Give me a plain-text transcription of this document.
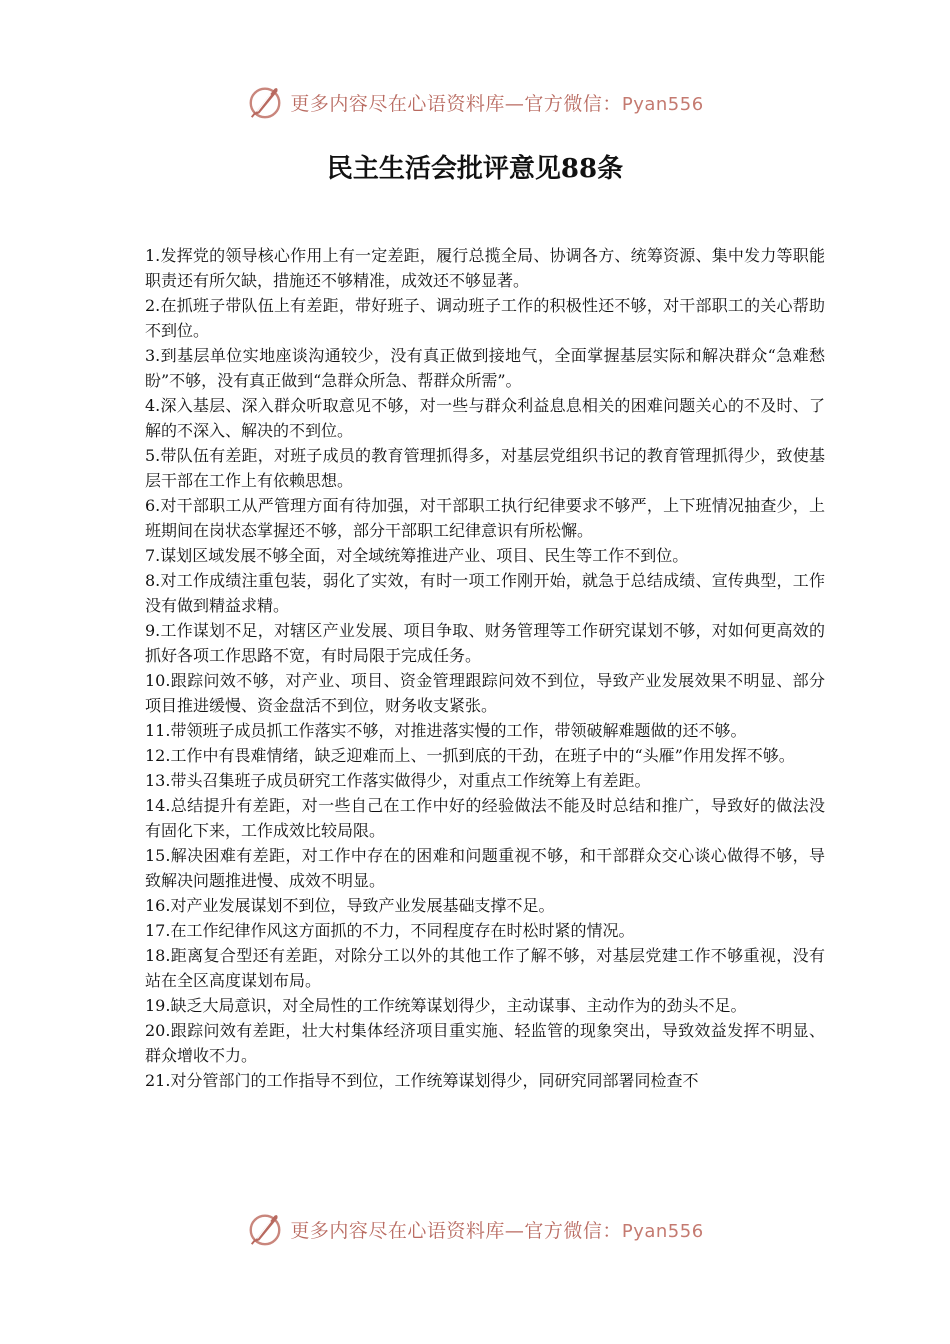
更多内容尽在心语资料库—官方微信：Pyan556
民主生活会批评意见88条

1.发挥党的领导核心作用上有一定差距，履行总揽全局、协调各方、统筹资源、集中发力等职能职责还有所欠缺，措施还不够精准，成效还不够显著。

2.在抓班子带队伍上有差距，带好班子、调动班子工作的积极性还不够，对干部职工的关心帮助不到位。

3.到基层单位实地座谈沟通较少，没有真正做到接地气，全面掌握基层实际和解决群众“急难愁盼”不够，没有真正做到“急群众所急、帮群众所需”。

4.深入基层、深入群众听取意见不够，对一些与群众利益息息相关的困难问题关心的不及时、了解的不深入、解决的不到位。

5.带队伍有差距，对班子成员的教育管理抓得多，对基层党组织书记的教育管理抓得少，致使基层干部在工作上有依赖思想。

6.对干部职工从严管理方面有待加强，对干部职工执行纪律要求不够严，上下班情况抽查少，上班期间在岗状态掌握还不够，部分干部职工纪律意识有所松懈。

7.谋划区域发展不够全面，对全域统筹推进产业、项目、民生等工作不到位。

8.对工作成绩注重包装，弱化了实效，有时一项工作刚开始，就急于总结成绩、宣传典型，工作没有做到精益求精。

9.工作谋划不足，对辖区产业发展、项目争取、财务管理等工作研究谋划不够，对如何更高效的抓好各项工作思路不宽，有时局限于完成任务。

10.跟踪问效不够，对产业、项目、资金管理跟踪问效不到位，导致产业发展效果不明显、部分项目推进缓慢、资金盘活不到位，财务收支紧张。

11.带领班子成员抓工作落实不够，对推进落实慢的工作，带领破解难题做的还不够。

12.工作中有畏难情绪，缺乏迎难而上、一抓到底的干劲，在班子中的“头雁”作用发挥不够。

13.带头召集班子成员研究工作落实做得少，对重点工作统筹上有差距。

14.总结提升有差距，对一些自己在工作中好的经验做法不能及时总结和推广，导致好的做法没有固化下来，工作成效比较局限。

15.解决困难有差距，对工作中存在的困难和问题重视不够，和干部群众交心谈心做得不够，导致解决问题推进慢、成效不明显。

16.对产业发展谋划不到位，导致产业发展基础支撑不足。

17.在工作纪律作风这方面抓的不力，不同程度存在时松时紧的情况。

18.距离复合型还有差距，对除分工以外的其他工作了解不够，对基层党建工作不够重视，没有站在全区高度谋划布局。

19.缺乏大局意识，对全局性的工作统筹谋划得少，主动谋事、主动作为的劲头不足。

20.跟踪问效有差距，壮大村集体经济项目重实施、轻监管的现象突出，导致效益发挥不明显、群众增收不力。

21.对分管部门的工作指导不到位，工作统筹谋划得少，同研究同部署同检查不

更多内容尽在心语资料库—官方微信：Pyan556
